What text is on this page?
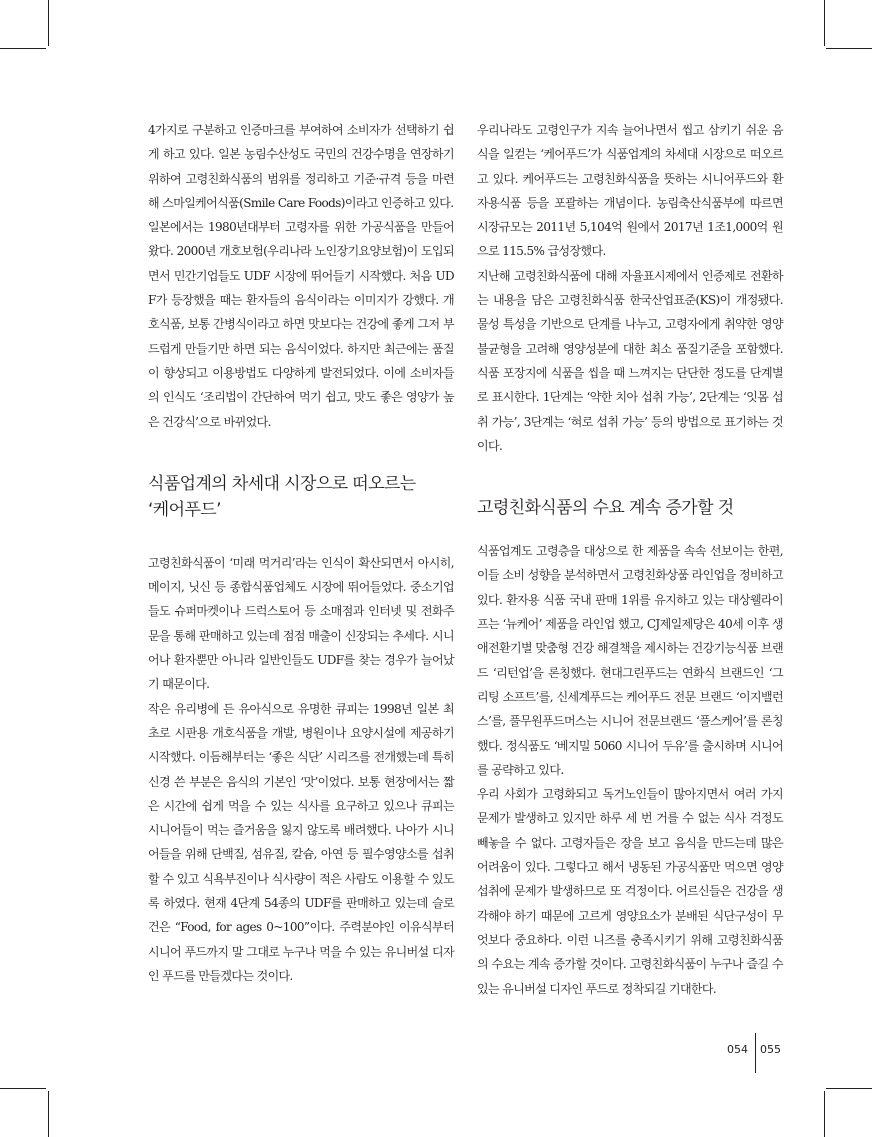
4가지로 구분하고 인증마크를 부여하여 소비자가 선택하기 쉽게 하고 있다. 일본 농림수산성도 국민의 건강수명을 연장하기 위하여 고령친화식품의 범위를 정리하고 기준·규격 등을 마련해 스마일케어식품(Smile Care Foods)이라고 인증하고 있다.

일본에서는 1980년대부터 고령자를 위한 가공식품을 만들어왔다. 2000년 개호보험(우리나라 노인장기요양보험)이 도입되면서 민간기업들도 UDF 시장에 뛰어들기 시작했다. 처음 UDF가 등장했을 때는 환자들의 음식이라는 이미지가 강했다. 개호식품, 보통 간병식이라고 하면 맛보다는 건강에 좋게 그저 부드럽게 만들기만 하면 되는 음식이었다. 하지만 최근에는 품질이 향상되고 이용방법도 다양하게 발전되었다. 이에 소비자들의 인식도 ‘조리법이 간단하여 먹기 쉽고, 맛도 좋은 영양가 높은 건강식’으로 바뀌었다.

식품업계의 차세대 시장으로 떠오르는
‘케어푸드’

고령친화식품이 ‘미래 먹거리’라는 인식이 확산되면서 아시히, 메이지, 닛신 등 종합식품업체도 시장에 뛰어들었다. 중소기업들도 슈퍼마켓이나 드럭스토어 등 소매점과 인터넷 및 전화주문을 통해 판매하고 있는데 점점 매출이 신장되는 추세다. 시니어나 환자뿐만 아니라 일반인들도 UDF를 찾는 경우가 늘어났기 때문이다.

작은 유리병에 든 유아식으로 유명한 큐피는 1998년 일본 최초로 시판용 개호식품을 개발, 병원이나 요양시설에 제공하기 시작했다. 이듬해부터는 ‘좋은 식단’ 시리즈를 전개했는데 특히 신경 쓴 부분은 음식의 기본인 ‘맛’이었다. 보통 현장에서는 짧은 시간에 쉽게 먹을 수 있는 식사를 요구하고 있으나 큐피는 시니어들이 먹는 즐거움을 잃지 않도록 배려했다. 나아가 시니어들을 위해 단백질, 섬유질, 칼슘, 아연 등 필수영양소를 섭취할 수 있고 식욕부진이나 식사량이 적은 사람도 이용할 수 있도록 하였다. 현재 4단계 54종의 UDF를 판매하고 있는데 슬로건은 “Food, for ages 0~100”이다. 주력분야인 이유식부터 시니어 푸드까지 말 그대로 누구나 먹을 수 있는 유니버설 디자인 푸드를 만들겠다는 것이다.

우리나라도 고령인구가 지속 늘어나면서 씹고 삼키기 쉬운 음식을 일컫는 ‘케어푸드’가 식품업계의 차세대 시장으로 떠오르고 있다. 케어푸드는 고령친화식품을 뜻하는 시니어푸드와 환자용식품 등을 포괄하는 개념이다. 농림축산식품부에 따르면 시장규모는 2011년 5,104억 원에서 2017년 1조1,000억 원으로 115.5% 급성장했다.

지난해 고령친화식품에 대해 자율표시제에서 인증제로 전환하는 내용을 담은 고령친화식품 한국산업표준(KS)이 개정됐다. 물성 특성을 기반으로 단계를 나누고, 고령자에게 취약한 영양 불균형을 고려해 영양성분에 대한 최소 품질기준을 포함했다. 식품 포장지에 식품을 씹을 때 느껴지는 단단한 정도를 단계별로 표시한다. 1단계는 ‘약한 치아 섭취 가능’, 2단계는 ‘잇몸 섭취 가능’, 3단계는 ‘혀로 섭취 가능’ 등의 방법으로 표기하는 것이다.

고령친화식품의 수요 계속 증가할 것

식품업계도 고령층을 대상으로 한 제품을 속속 선보이는 한편, 이들 소비 성향을 분석하면서 고령친화상품 라인업을 정비하고 있다. 환자용 식품 국내 판매 1위를 유지하고 있는 대상웰라이프는 ‘뉴케어’ 제품을 라인업 했고, CJ제일제당은 40세 이후 생애전환기별 맞춤형 건강 해결책을 제시하는 건강기능식품 브랜드 ‘리턴업’을 론칭했다. 현대그린푸드는 연화식 브랜드인 ‘그리팅 소프트’를, 신세계푸드는 케어푸드 전문 브랜드 ‘이지밸런스’를, 풀무원푸드머스는 시니어 전문브랜드 ‘풀스케어’를 론칭했다. 정식품도 ‘베지밀 5060 시니어 두유’를 출시하며 시니어를 공략하고 있다.

우리 사회가 고령화되고 독거노인들이 많아지면서 여러 가지 문제가 발생하고 있지만 하루 세 번 거를 수 없는 식사 걱정도 빼놓을 수 없다. 고령자들은 장을 보고 음식을 만드는데 많은 어려움이 있다. 그렇다고 해서 냉동된 가공식품만 먹으면 영양섭취에 문제가 발생하므로 또 걱정이다. 어르신들은 건강을 생각해야 하기 때문에 고르게 영양요소가 분배된 식단구성이 무엇보다 중요하다. 이런 니즈를 충족시키기 위해 고령친화식품의 수요는 계속 증가할 것이다. 고령친화식품이 누구나 즐길 수 있는 유니버설 디자인 푸드로 정착되길 기대한다.

054 055
